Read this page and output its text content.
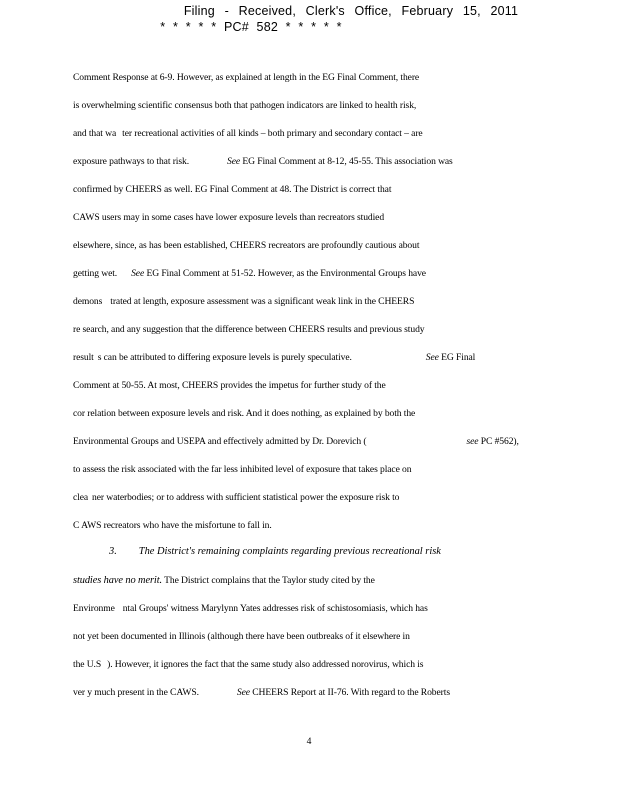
Filing - Received, Clerk's Office, February 15, 2011
* * * * * PC# 582 * * * * *
Comment Response at 6-9. However, as explained at length in the EG Final Comment, there
is overwhelming scientific consensus both that pathogen indicators are linked to health risk,
and that wa ter recreational activities of all kinds – both primary and secondary contact – are
exposure pathways to that risk.	See EG Final Comment at 8-12, 45-55. This association was
confirmed by CHEERS as well. EG Final Comment at 48. The District is correct that
CAWS users may in some cases have lower exposure levels than recreators studied
elsewhere, since, as has been established, CHEERS recreators are profoundly cautious about
getting wet. See EG Final Comment at 51-52. However, as the Environmental Groups have
demons trated at length, exposure assessment was a significant weak link in the CHEERS
re search, and any suggestion that the difference between CHEERS results and previous study
result s can be attributed to differing exposure levels is purely speculative.	See EG Final
Comment at 50-55. At most, CHEERS provides the impetus for further study of the
cor relation between exposure levels and risk. And it does nothing, as explained by both the
Environmental Groups and USEPA and effectively admitted by Dr. Dorevich (	see PC #562),
to assess the risk associated with the far less inhibited level of exposure that takes place on
clea ner waterbodies; or to address with sufficient statistical power the exposure risk to
C AWS recreators who have the misfortune to fall in.
3. The District's remaining complaints regarding previous recreational risk
studies have no merit. The District complains that the Taylor study cited by the
Environme ntal Groups' witness Marylynn Yates addresses risk of schistosomiasis, which has
not yet been documented in Illinois (although there have been outbreaks of it elsewhere in
the U.S ). However, it ignores the fact that the same study also addressed norovirus, which is
ver y much present in the CAWS.	See CHEERS Report at II-76. With regard to the Roberts
4
